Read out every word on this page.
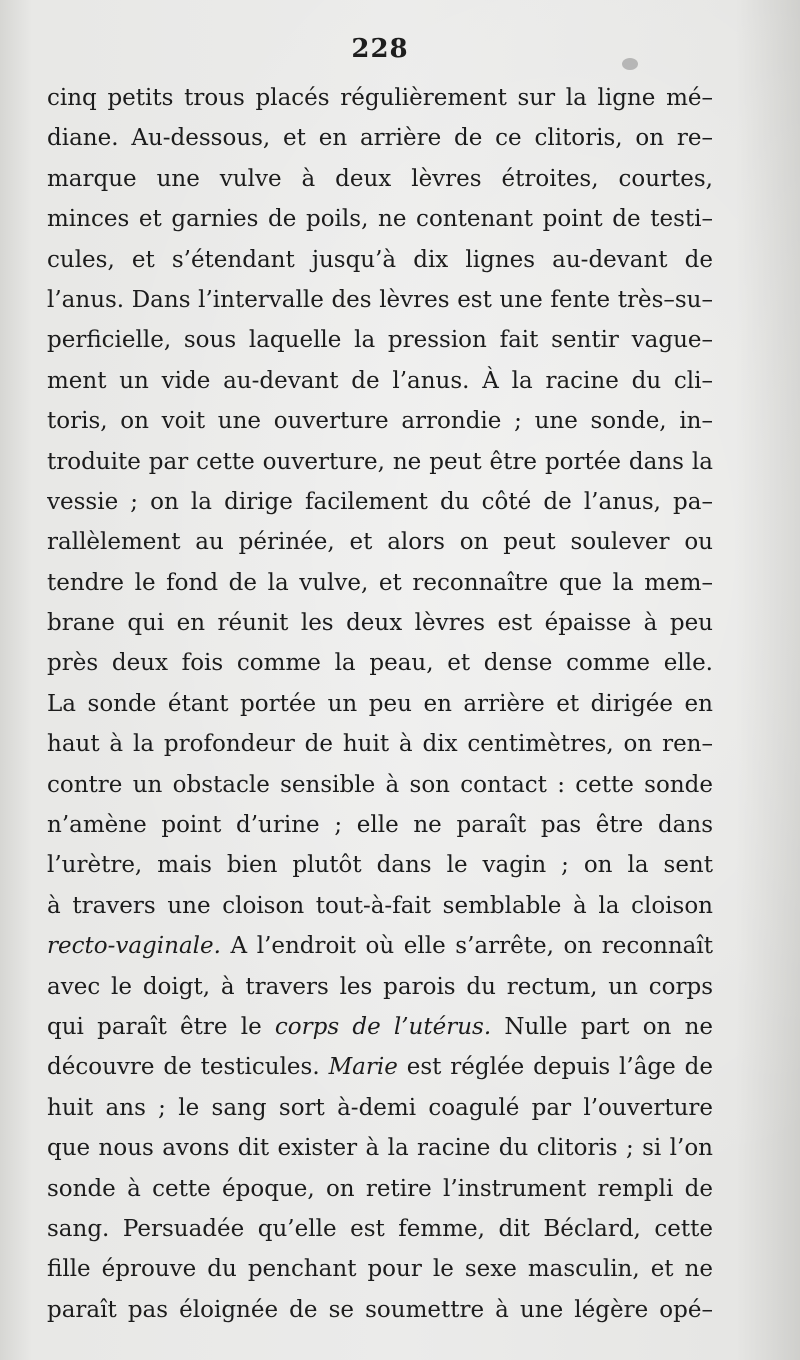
228
cinq petits trous placés régulièrement sur la ligne mé–
diane. Au-dessous, et en arrière de ce clitoris, on re–
marque une vulve à deux lèvres étroites, courtes,
minces et garnies de poils, ne contenant point de testi–
cules, et s’étendant jusqu’à dix lignes au-devant de
l’anus. Dans l’intervalle des lèvres est une fente très–su–
perficielle, sous laquelle la pression fait sentir vague–
ment un vide au-devant de l’anus. À la racine du cli–
toris, on voit une ouverture arrondie ; une sonde, in–
troduite par cette ouverture, ne peut être portée dans la
vessie ; on la dirige facilement du côté de l’anus, pa–
rallèlement au périnée, et alors on peut soulever ou
tendre le fond de la vulve, et reconnaître que la mem–
brane qui en réunit les deux lèvres est épaisse à peu
près deux fois comme la peau, et dense comme elle.
La sonde étant portée un peu en arrière et dirigée en
haut à la profondeur de huit à dix centimètres, on ren–
contre un obstacle sensible à son contact : cette sonde
n’amène point d’urine ; elle ne paraît pas être dans
l’urètre, mais bien plutôt dans le vagin ; on la sent
à travers une cloison tout-à-fait semblable à la cloison
recto-vaginale. A l’endroit où elle s’arrête, on reconnaît
avec le doigt, à travers les parois du rectum, un corps
qui paraît être le corps de l’utérus. Nulle part on ne
découvre de testicules. Marie est réglée depuis l’âge de
huit ans ; le sang sort à-demi coagulé par l’ouverture
que nous avons dit exister à la racine du clitoris ; si l’on
sonde à cette époque, on retire l’instrument rempli de
sang. Persuadée qu’elle est femme, dit Béclard, cette
fille éprouve du penchant pour le sexe masculin, et ne
paraît pas éloignée de se soumettre à une légère opé–
